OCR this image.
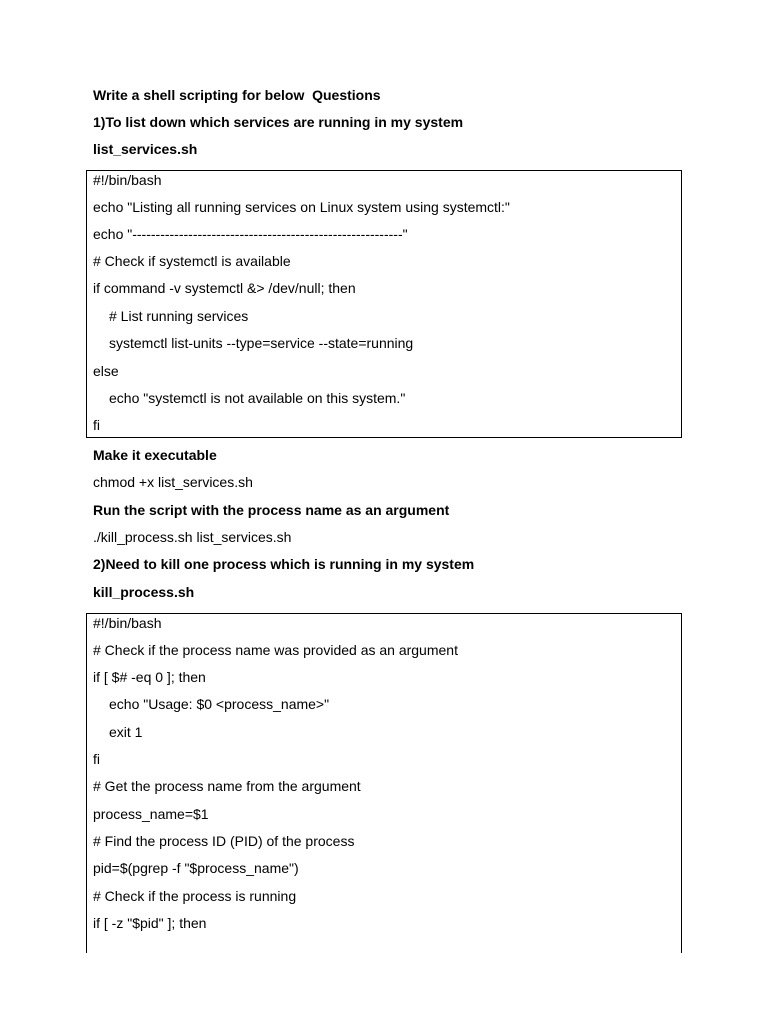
Write a shell scripting for below  Questions
1)To list down which services are running in my system
list_services.sh
#!/bin/bash
echo "Listing all running services on Linux system using systemctl:"
echo "----------------------------------------------------------"
# Check if systemctl is available
if command -v systemctl &> /dev/null; then
# List running services
systemctl list-units --type=service --state=running
else
echo "systemctl is not available on this system."
fi
Make it executable
chmod +x list_services.sh
Run the script with the process name as an argument
./kill_process.sh list_services.sh
2)Need to kill one process which is running in my system
kill_process.sh
#!/bin/bash
# Check if the process name was provided as an argument
if [ $# -eq 0 ]; then
echo "Usage: $0 <process_name>"
exit 1
fi
# Get the process name from the argument
process_name=$1
# Find the process ID (PID) of the process
pid=$(pgrep -f "$process_name")
# Check if the process is running
if [ -z "$pid" ]; then
